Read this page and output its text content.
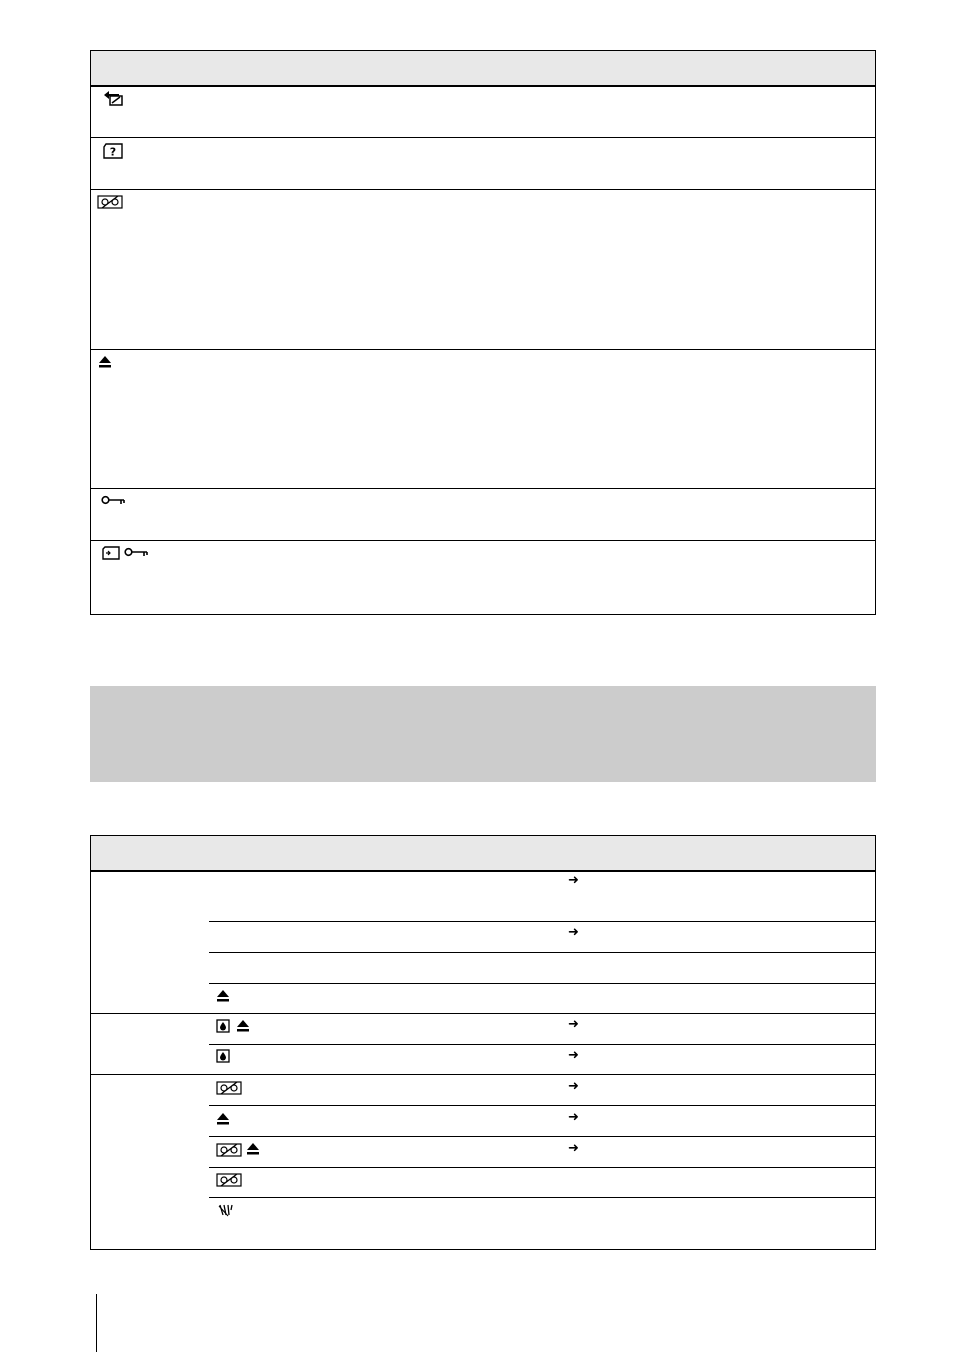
?
➜
➜
➜
➜
➜
➜
➜
